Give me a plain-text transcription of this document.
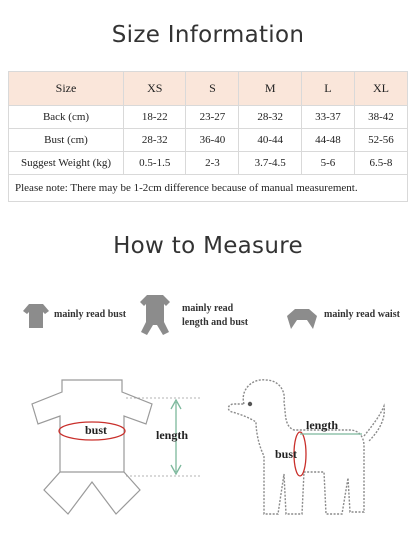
Size Information
Size	XS	S	M	L	XL
Back (cm)	18-22	23-27	28-32	33-37	38-42
Bust (cm)	28-32	36-40	40-44	44-48	52-56
Suggest Weight (kg)	0.5-1.5	2-3	3.7-4.5	5-6	6.5-8
Please note: There may be 1-2cm difference because of manual measurement.					
How to Measure
mainly read bust
mainly read
length and bust
mainly read waist
bust	length
length
bust
